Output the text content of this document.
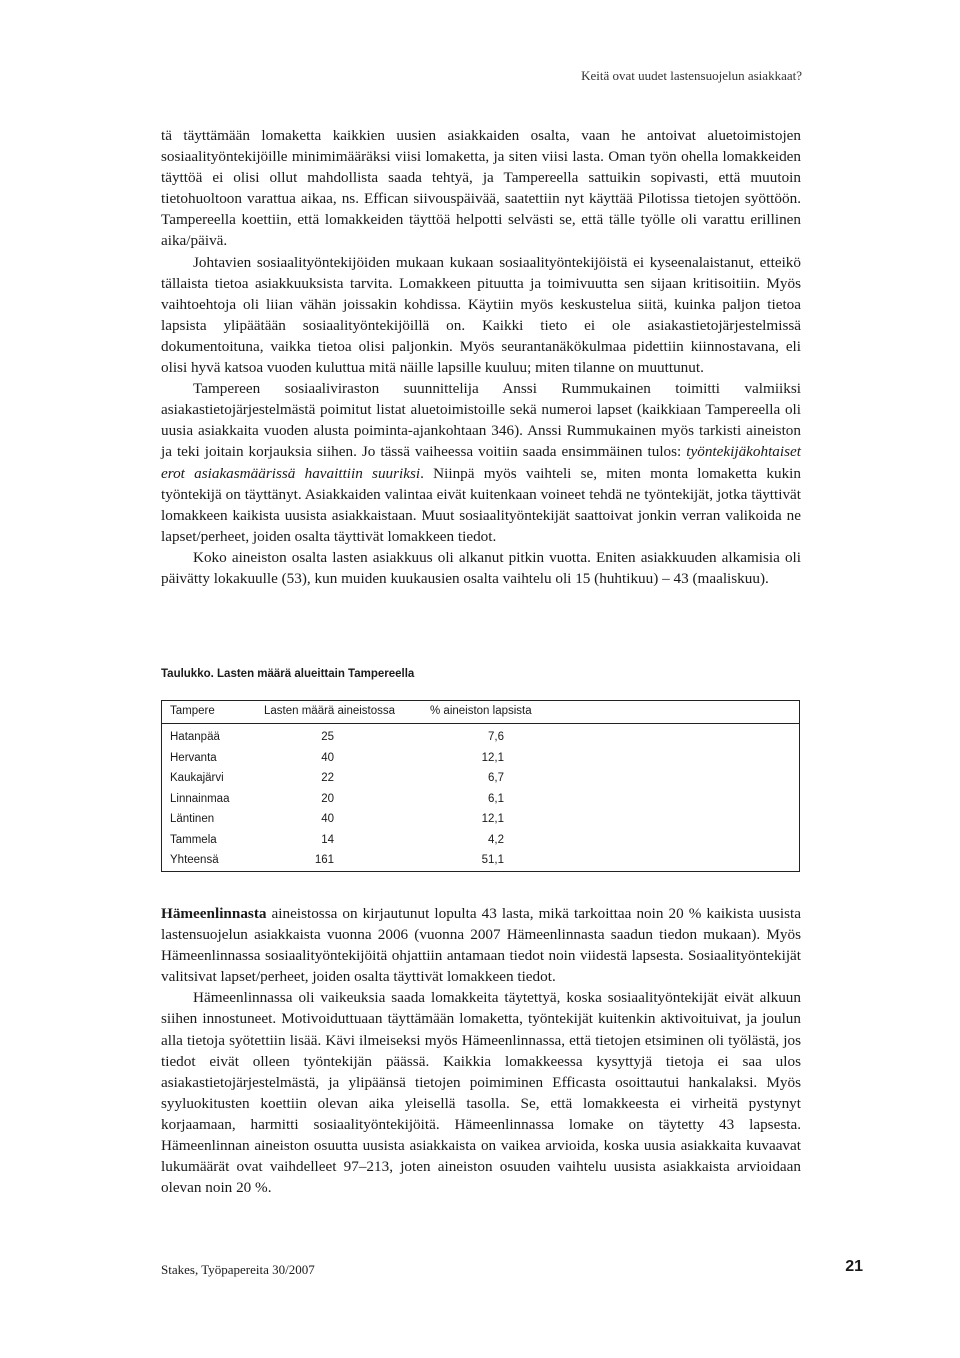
Keitä ovat uudet lastensuojelun asiakkaat?

tä täyttämään lomaketta kaikkien uusien asiakkaiden osalta, vaan he antoivat aluetoimistojen sosiaalityöntekijöille minimimääräksi viisi lomaketta, ja siten viisi lasta. Oman työn ohella lomakkeiden täyttöä ei olisi ollut mahdollista saada tehtyä, ja Tampereella sattuikin sopivasti, että muutoin tietohuoltoon varattua aikaa, ns. Effican siivouspäivää, saatettiin nyt käyttää Pilotissa tietojen syöttöön. Tampereella koettiin, että lomakkeiden täyttöä helpotti selvästi se, että tälle työlle oli varattu erillinen aika/päivä.

Johtavien sosiaalityöntekijöiden mukaan kukaan sosiaalityöntekijöistä ei kyseenalaistanut, etteikö tällaista tietoa asiakkuuksista tarvita. Lomakkeen pituutta ja toimivuutta sen sijaan kritisoitiin. Myös vaihtoehtoja oli liian vähän joissakin kohdissa. Käytiin myös keskustelua siitä, kuinka paljon tietoa lapsista ylipäätään sosiaalityöntekijöillä on. Kaikki tieto ei ole asiakastietojärjestelmissä dokumentoituna, vaikka tietoa olisi paljonkin. Myös seurantanäkökulmaa pidettiin kiinnostavana, eli olisi hyvä katsoa vuoden kuluttua mitä näille lapsille kuuluu; miten tilanne on muuttunut.

Tampereen sosiaaliviraston suunnittelija Anssi Rummukainen toimitti valmiiksi asiakastietojärjestelmästä poimitut listat aluetoimistoille sekä numeroi lapset (kaikkiaan Tampereella oli uusia asiakkaita vuoden alusta poiminta-ajankohtaan 346). Anssi Rummukainen myös tarkisti aineiston ja teki joitain korjauksia siihen. Jo tässä vaiheessa voitiin saada ensimmäinen tulos: työntekijäkohtaiset erot asiakasmäärissä havaittiin suuriksi. Niinpä myös vaihteli se, miten monta lomaketta kukin työntekijä on täyttänyt. Asiakkaiden valintaa eivät kuitenkaan voineet tehdä ne työntekijät, jotka täyttivät lomakkeen kaikista uusista asiakkaistaan. Muut sosiaalityöntekijät saattoivat jonkin verran valikoida ne lapset/perheet, joiden osalta täyttivät lomakkeen tiedot.

Koko aineiston osalta lasten asiakkuus oli alkanut pitkin vuotta. Eniten asiakkuuden alkamisia oli päivätty lokakuulle (53), kun muiden kuukausien osalta vaihtelu oli 15 (huhtikuu) – 43 (maaliskuu).

Taulukko. Lasten määrä alueittain Tampereella
Tampere	Lasten määrä aineistossa	% aineiston lapsista
Hatanpää	25	7,6
Hervanta	40	12,1
Kaukajärvi	22	6,7
Linnainmaa	20	6,1
Läntinen	40	12,1
Tammela	14	4,2
Yhteensä	161	51,1

Hämeenlinnasta aineistossa on kirjautunut lopulta 43 lasta, mikä tarkoittaa noin 20 % kaikista uusista lastensuojelun asiakkaista vuonna 2006 (vuonna 2007 Hämeenlinnasta saadun tiedon mukaan). Myös Hämeenlinnassa sosiaalityöntekijöitä ohjattiin antamaan tiedot noin viidestä lapsesta. Sosiaalityöntekijät valitsivat lapset/perheet, joiden osalta täyttivät lomakkeen tiedot.

Hämeenlinnassa oli vaikeuksia saada lomakkeita täytettyä, koska sosiaalityöntekijät eivät alkuun siihen innostuneet. Motivoiduttuaan täyttämään lomaketta, työntekijät kuitenkin aktivoituivat, ja joulun alla tietoja syötettiin lisää. Kävi ilmeiseksi myös Hämeenlinnassa, että tietojen etsiminen oli työlästä, jos tiedot eivät olleen työntekijän päässä. Kaikkia lomakkeessa kysyttyjä tietoja ei saa ulos asiakastietojärjestelmästä, ja ylipäänsä tietojen poimiminen Efficasta osoittautui hankalaksi. Myös syyluokitusten koettiin olevan aika yleisellä tasolla. Se, että lomakkeesta ei virheitä pystynyt korjaamaan, harmitti sosiaalityöntekijöitä. Hämeenlinnassa lomake on täytetty 43 lapsesta. Hämeenlinnan aineiston osuutta uusista asiakkaista on vaikea arvioida, koska uusia asiakkaita kuvaavat lukumäärät ovat vaihdelleet 97–213, joten aineiston osuuden vaihtelu uusista asiakkaista arvioidaan olevan noin 20 %.

Stakes, Työpapereita 30/2007	21
